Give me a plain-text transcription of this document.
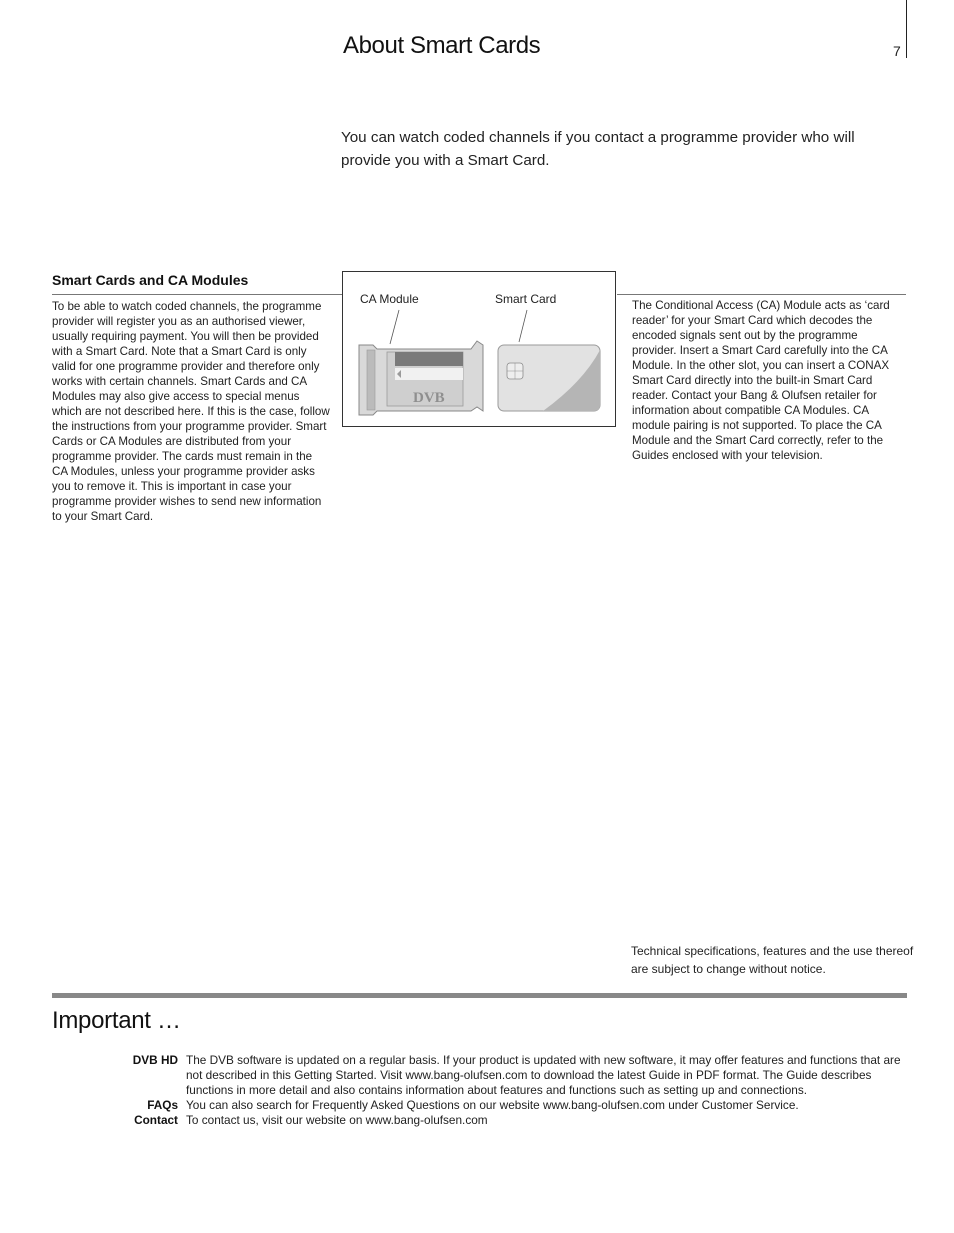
About Smart Cards	7
You can watch coded channels if you contact a programme provider who will provide you with a Smart Card.
Smart Cards and CA Modules
To be able to watch coded channels, the programme provider will register you as an authorised viewer, usually requiring payment. You will then be provided with a Smart Card. Note that a Smart Card is only valid for one programme provider and therefore only works with certain channels. Smart Cards and CA Modules may also give access to special menus which are not described here. If this is the case, follow the instructions from your programme provider. Smart Cards or CA Modules are distributed from your programme provider. The cards must remain in the CA Modules, unless your programme provider asks you to remove it. This is important in case your programme provider wishes to send new information to your Smart Card.
The Conditional Access (CA) Module acts as ‘card reader’ for your Smart Card which decodes the encoded signals sent out by the programme provider. Insert a Smart Card carefully into the CA Module. In the other slot, you can insert a CONAX Smart Card directly into the built-in Smart Card reader. Contact your Bang & Olufsen retailer for information about compatible CA Modules. CA module pairing is not supported. To place the CA Module and the Smart Card correctly, refer to the Guides enclosed with your television.
CA Module	Smart Card
DVB
Technical specifications, features and the use thereof are subject to change without notice.
Important …
DVB HD	The DVB software is updated on a regular basis. If your product is updated with new software, it may offer features and functions that are not described in this Getting Started. Visit www.bang-olufsen.com to download the latest Guide in PDF format. The Guide describes functions in more detail and also contains information about features and functions such as setting up and connections.
FAQs	You can also search for Frequently Asked Questions on our website www.bang-olufsen.com under Customer Service.
Contact	To contact us, visit our website on www.bang-olufsen.com
